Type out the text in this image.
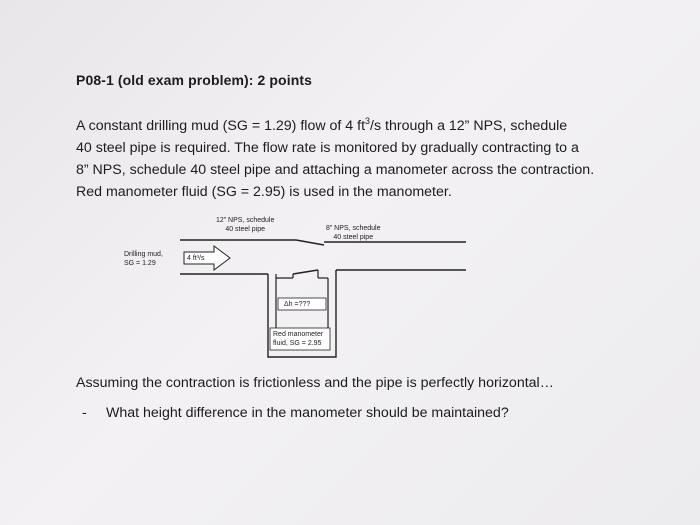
P08-1 (old exam problem): 2 points
A constant drilling mud (SG = 1.29) flow of 4 $ft^3/s$ through a 12” NPS, schedule
40 steel pipe is required. The flow rate is monitored by gradually contracting to a
8” NPS, schedule 40 steel pipe and attaching a manometer across the contraction.
Red manometer fluid (SG = 2.95) is used in the manometer.
12” NPS, schedule
40 steel pipe	8” NPS, schedule
40 steel pipe
Drilling mud,
SG = 1.29
4 ft³/s
Δh =???
Red manometer
fluid, SG = 2.95
Assuming the contraction is frictionless and the pipe is perfectly horizontal…
- What height difference in the manometer should be maintained?
